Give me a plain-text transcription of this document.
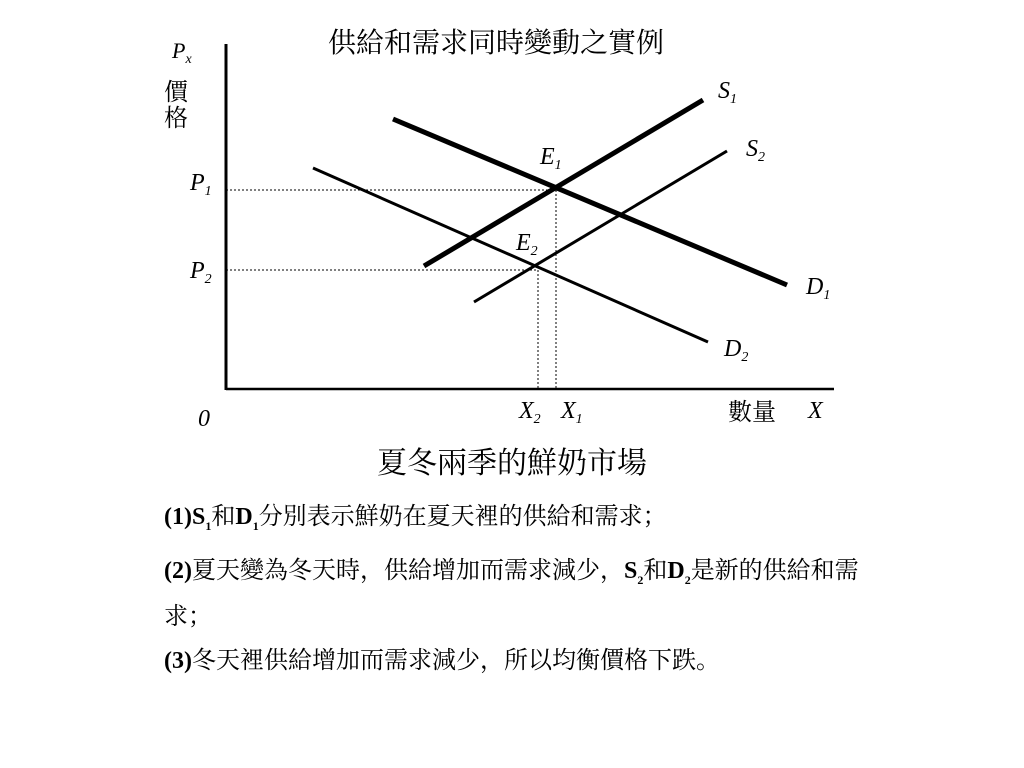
供給和需求同時變動之實例
$P_x$
價格
$P_1$
$P_2$
0	$X_2$ $X_1$	數量 X
$S_1$
$S_2$
$D_1$
$D_2$
$E_1$
$E_2$
夏冬兩季的鮮奶市場
$(1)S_1$和$D_1$分別表示鮮奶在夏天裡的供給和需求；
(2)夏天變為冬天時，供給增加而需求減少，$S_2$和$D_2$是新的供給和需求；
(3)冬天裡供給增加而需求減少，所以均衡價格下跌。
